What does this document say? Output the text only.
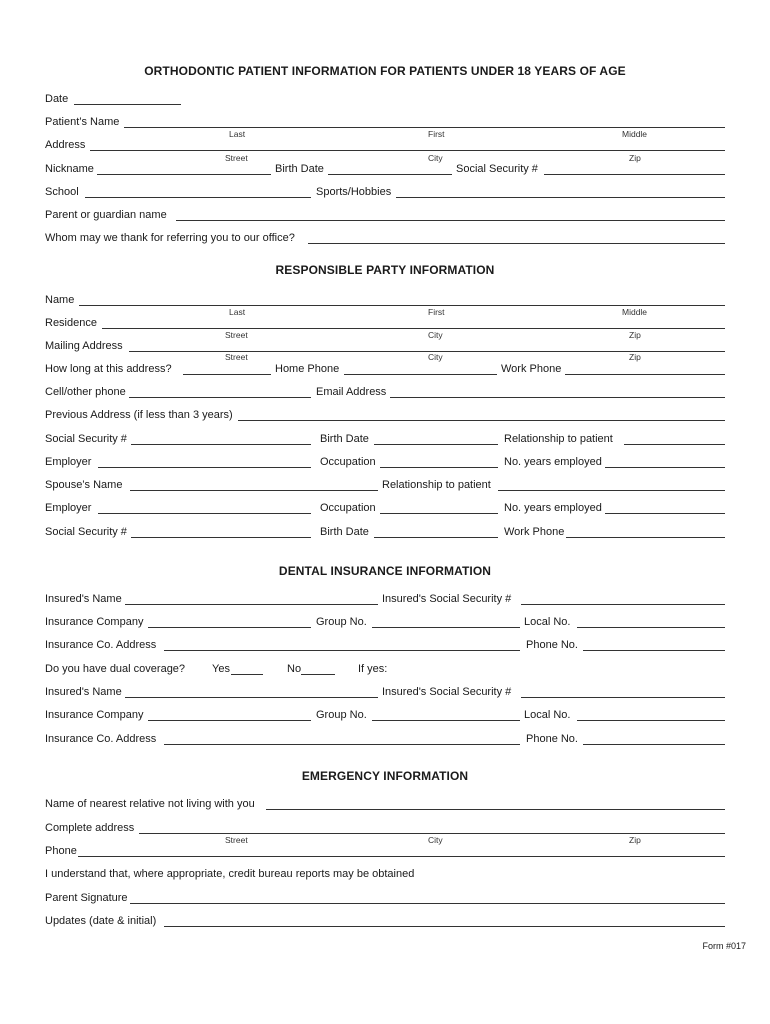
ORTHODONTIC PATIENT INFORMATION FOR PATIENTS UNDER 18 YEARS OF AGE
Date
Patient’s Name
Last	First	Middle
Address
Street	City	Zip
Nickname	Birth Date	Social Security #
School	Sports/Hobbies
Parent or guardian name
Whom may we thank for referring you to our office?
RESPONSIBLE PARTY INFORMATION
Name
Last	First	Middle
Residence
Street	City	Zip
Mailing Address
Street	City	Zip
How long at this address?	Home Phone	Work Phone
Cell/other phone	Email Address
Previous Address (if less than 3 years)
Social Security #	Birth Date	Relationship to patient
Employer	Occupation	No. years employed
Spouse’s Name	Relationship to patient
Employer	Occupation	No. years employed
Social Security #	Birth Date	Work Phone
DENTAL INSURANCE INFORMATION
Insured's Name	Insured's Social Security #
Insurance Company	Group No.	Local No.
Insurance Co. Address	Phone No.
Do you have dual coverage? Yes	No	If yes:
Insured's Name	Insured's Social Security #
Insurance Company	Group No.	Local No.
Insurance Co. Address	Phone No.
EMERGENCY INFORMATION
Name of nearest relative not living with you
Complete address
Street	City	Zip
Phone
I understand that, where appropriate, credit bureau reports may be obtained
Parent Signature
Updates (date & initial)
Form #017
